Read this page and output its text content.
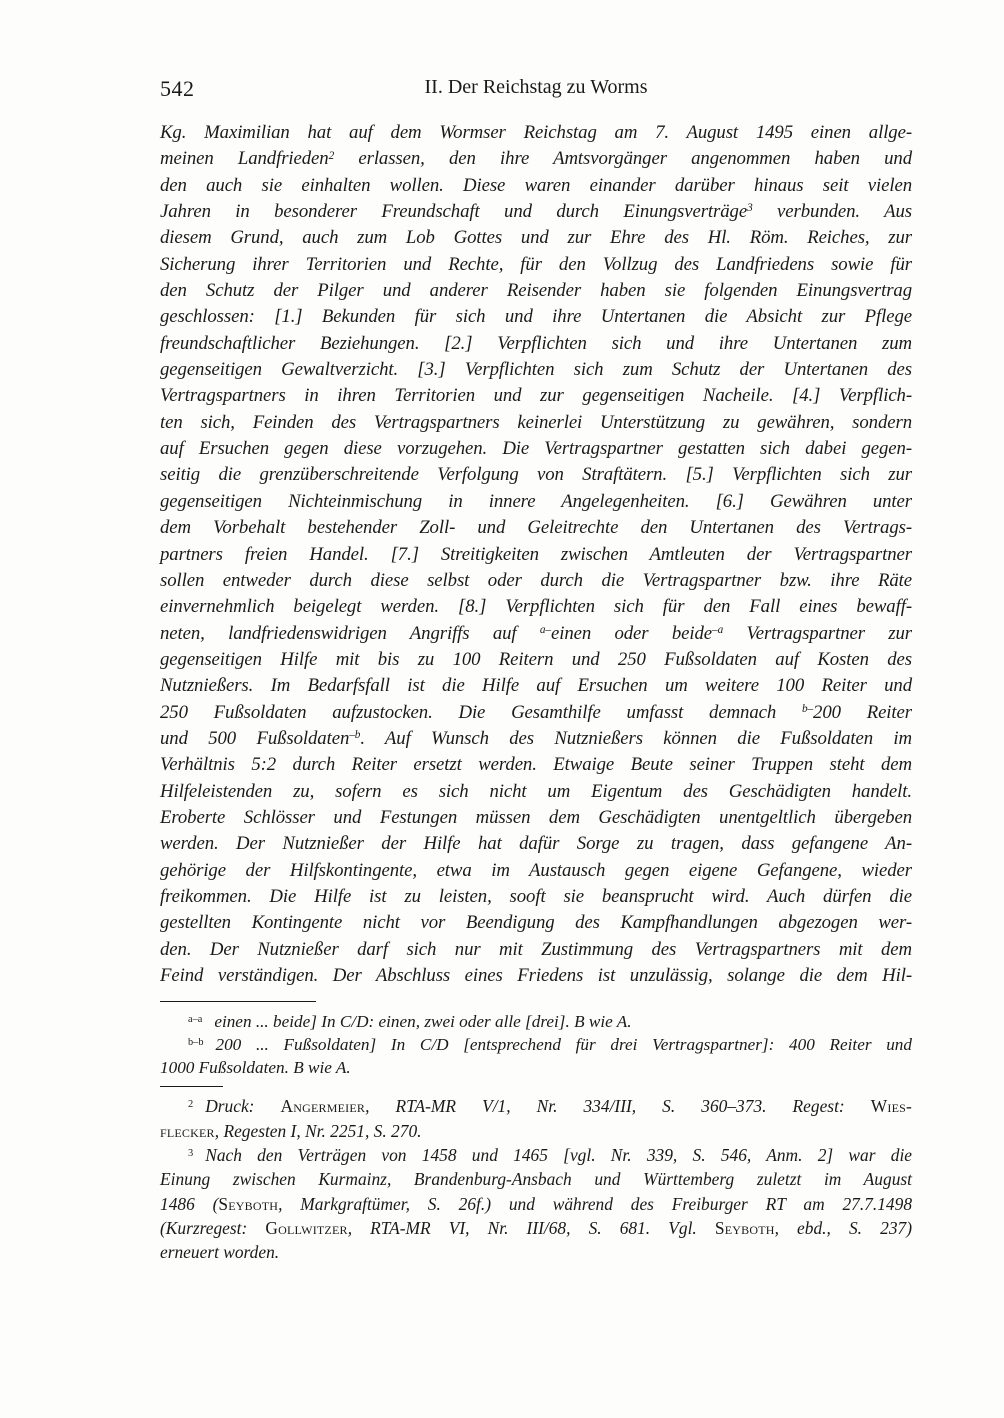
542	II. Der Reichstag zu Worms
Kg. Maximilian hat auf dem Wormser Reichstag am 7. August 1495 einen allge-
meinen Landfrieden$^2$ erlassen, den ihre Amtsvorgänger angenommen haben und
den auch sie einhalten wollen. Diese waren einander darüber hinaus seit vielen
Jahren in besonderer Freundschaft und durch Einungsverträge$^3$ verbunden. Aus
diesem Grund, auch zum Lob Gottes und zur Ehre des Hl. Röm. Reiches, zur
Sicherung ihrer Territorien und Rechte, für den Vollzug des Landfriedens sowie für
den Schutz der Pilger und anderer Reisender haben sie folgenden Einungsvertrag
geschlossen: [1.] Bekunden für sich und ihre Untertanen die Absicht zur Pflege
freundschaftlicher Beziehungen. [2.] Verpflichten sich und ihre Untertanen zum
gegenseitigen Gewaltverzicht. [3.] Verpflichten sich zum Schutz der Untertanen des
Vertragspartners in ihren Territorien und zur gegenseitigen Nacheile. [4.] Verpflich-
ten sich, Feinden des Vertragspartners keinerlei Unterstützung zu gewähren, sondern
auf Ersuchen gegen diese vorzugehen. Die Vertragspartner gestatten sich dabei gegen-
seitig die grenzüberschreitende Verfolgung von Straftätern. [5.] Verpflichten sich zur
gegenseitigen Nichteinmischung in innere Angelegenheiten. [6.] Gewähren unter
dem Vorbehalt bestehender Zoll- und Geleitrechte den Untertanen des Vertrags-
partners freien Handel. [7.] Streitigkeiten zwischen Amtleuten der Vertragspartner
sollen entweder durch diese selbst oder durch die Vertragspartner bzw. ihre Räte
einvernehmlich beigelegt werden. [8.] Verpflichten sich für den Fall eines bewaff-
neten, landfriedenswidrigen Angriffs auf $^{a-}$einen oder beide$^{-a}$ Vertragspartner zur
gegenseitigen Hilfe mit bis zu 100 Reitern und 250 Fußsoldaten auf Kosten des
Nutznießers. Im Bedarfsfall ist die Hilfe auf Ersuchen um weitere 100 Reiter und
250 Fußsoldaten aufzustocken. Die Gesamthilfe umfasst demnach $^{b-}$200 Reiter
und 500 Fußsoldaten$^{-b}$. Auf Wunsch des Nutznießers können die Fußsoldaten im
Verhältnis 5:2 durch Reiter ersetzt werden. Etwaige Beute seiner Truppen steht dem
Hilfeleistenden zu, sofern es sich nicht um Eigentum des Geschädigten handelt.
Eroberte Schlösser und Festungen müssen dem Geschädigten unentgeltlich übergeben
werden. Der Nutznießer der Hilfe hat dafür Sorge zu tragen, dass gefangene An-
gehörige der Hilfskontingente, etwa im Austausch gegen eigene Gefangene, wieder
freikommen. Die Hilfe ist zu leisten, sooft sie beansprucht wird. Auch dürfen die
gestellten Kontingente nicht vor Beendigung des Kampfhandlungen abgezogen wer-
den. Der Nutznießer darf sich nur mit Zustimmung des Vertragspartners mit dem
Feind verständigen. Der Abschluss eines Friedens ist unzulässig, solange die dem Hil-
$^{a-a}$ einen ... beide] In C/D: einen, zwei oder alle [drei]. B wie A.
$^{b-b}$ 200 ... Fußsoldaten] In C/D [entsprechend für drei Vertragspartner]: 400 Reiter und
1000 Fußsoldaten. B wie A.
$^2$ Druck: Angermeier, RTA-MR V/1, Nr. 334/III, S. 360–373. Regest: Wies-
flecker, Regesten I, Nr. 2251, S. 270.
$^3$ Nach den Verträgen von 1458 und 1465 [vgl. Nr. 339, S. 546, Anm. 2] war die
Einung zwischen Kurmainz, Brandenburg-Ansbach und Württemberg zuletzt im August
1486 (Seyboth, Markgraftümer, S. 26f.) und während des Freiburger RT am 27.7.1498
(Kurzregest: Gollwitzer, RTA-MR VI, Nr. III/68, S. 681. Vgl. Seyboth, ebd., S. 237)
erneuert worden.
